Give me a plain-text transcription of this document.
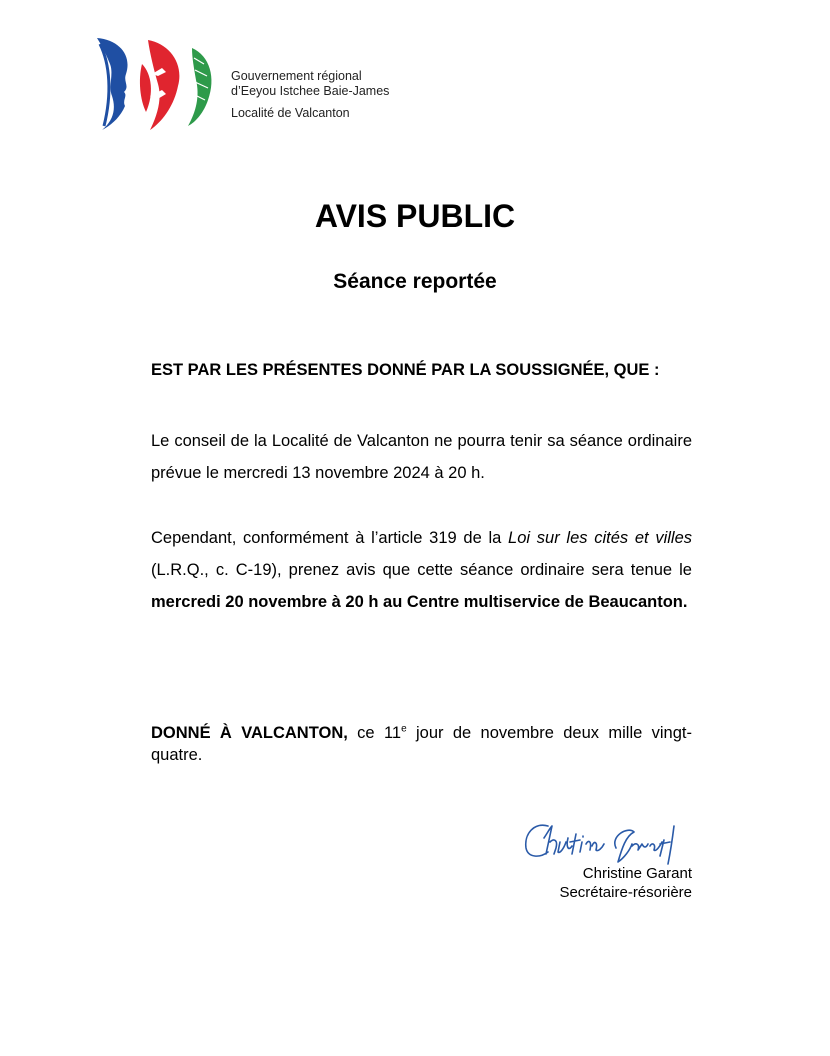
Gouvernement régional
d’Eeyou Istchee Baie-James
Localité de Valcanton
AVIS PUBLIC
Séance reportée
EST PAR LES PRÉSENTES DONNÉ PAR LA SOUSSIGNÉE, QUE :
Le conseil de la Localité de Valcanton ne pourra tenir sa séance ordinaire prévue le mercredi 13 novembre 2024 à 20 h.
Cependant, conformément à l’article 319 de la Loi sur les cités et villes (L.R.Q., c. C-19), prenez avis que cette séance ordinaire sera tenue le mercredi 20 novembre à 20 h au Centre multiservice de Beaucanton.
DONNÉ À VALCANTON, ce 11e jour de novembre deux mille vingt-quatre.
Christine Garant
Secrétaire-résorière
